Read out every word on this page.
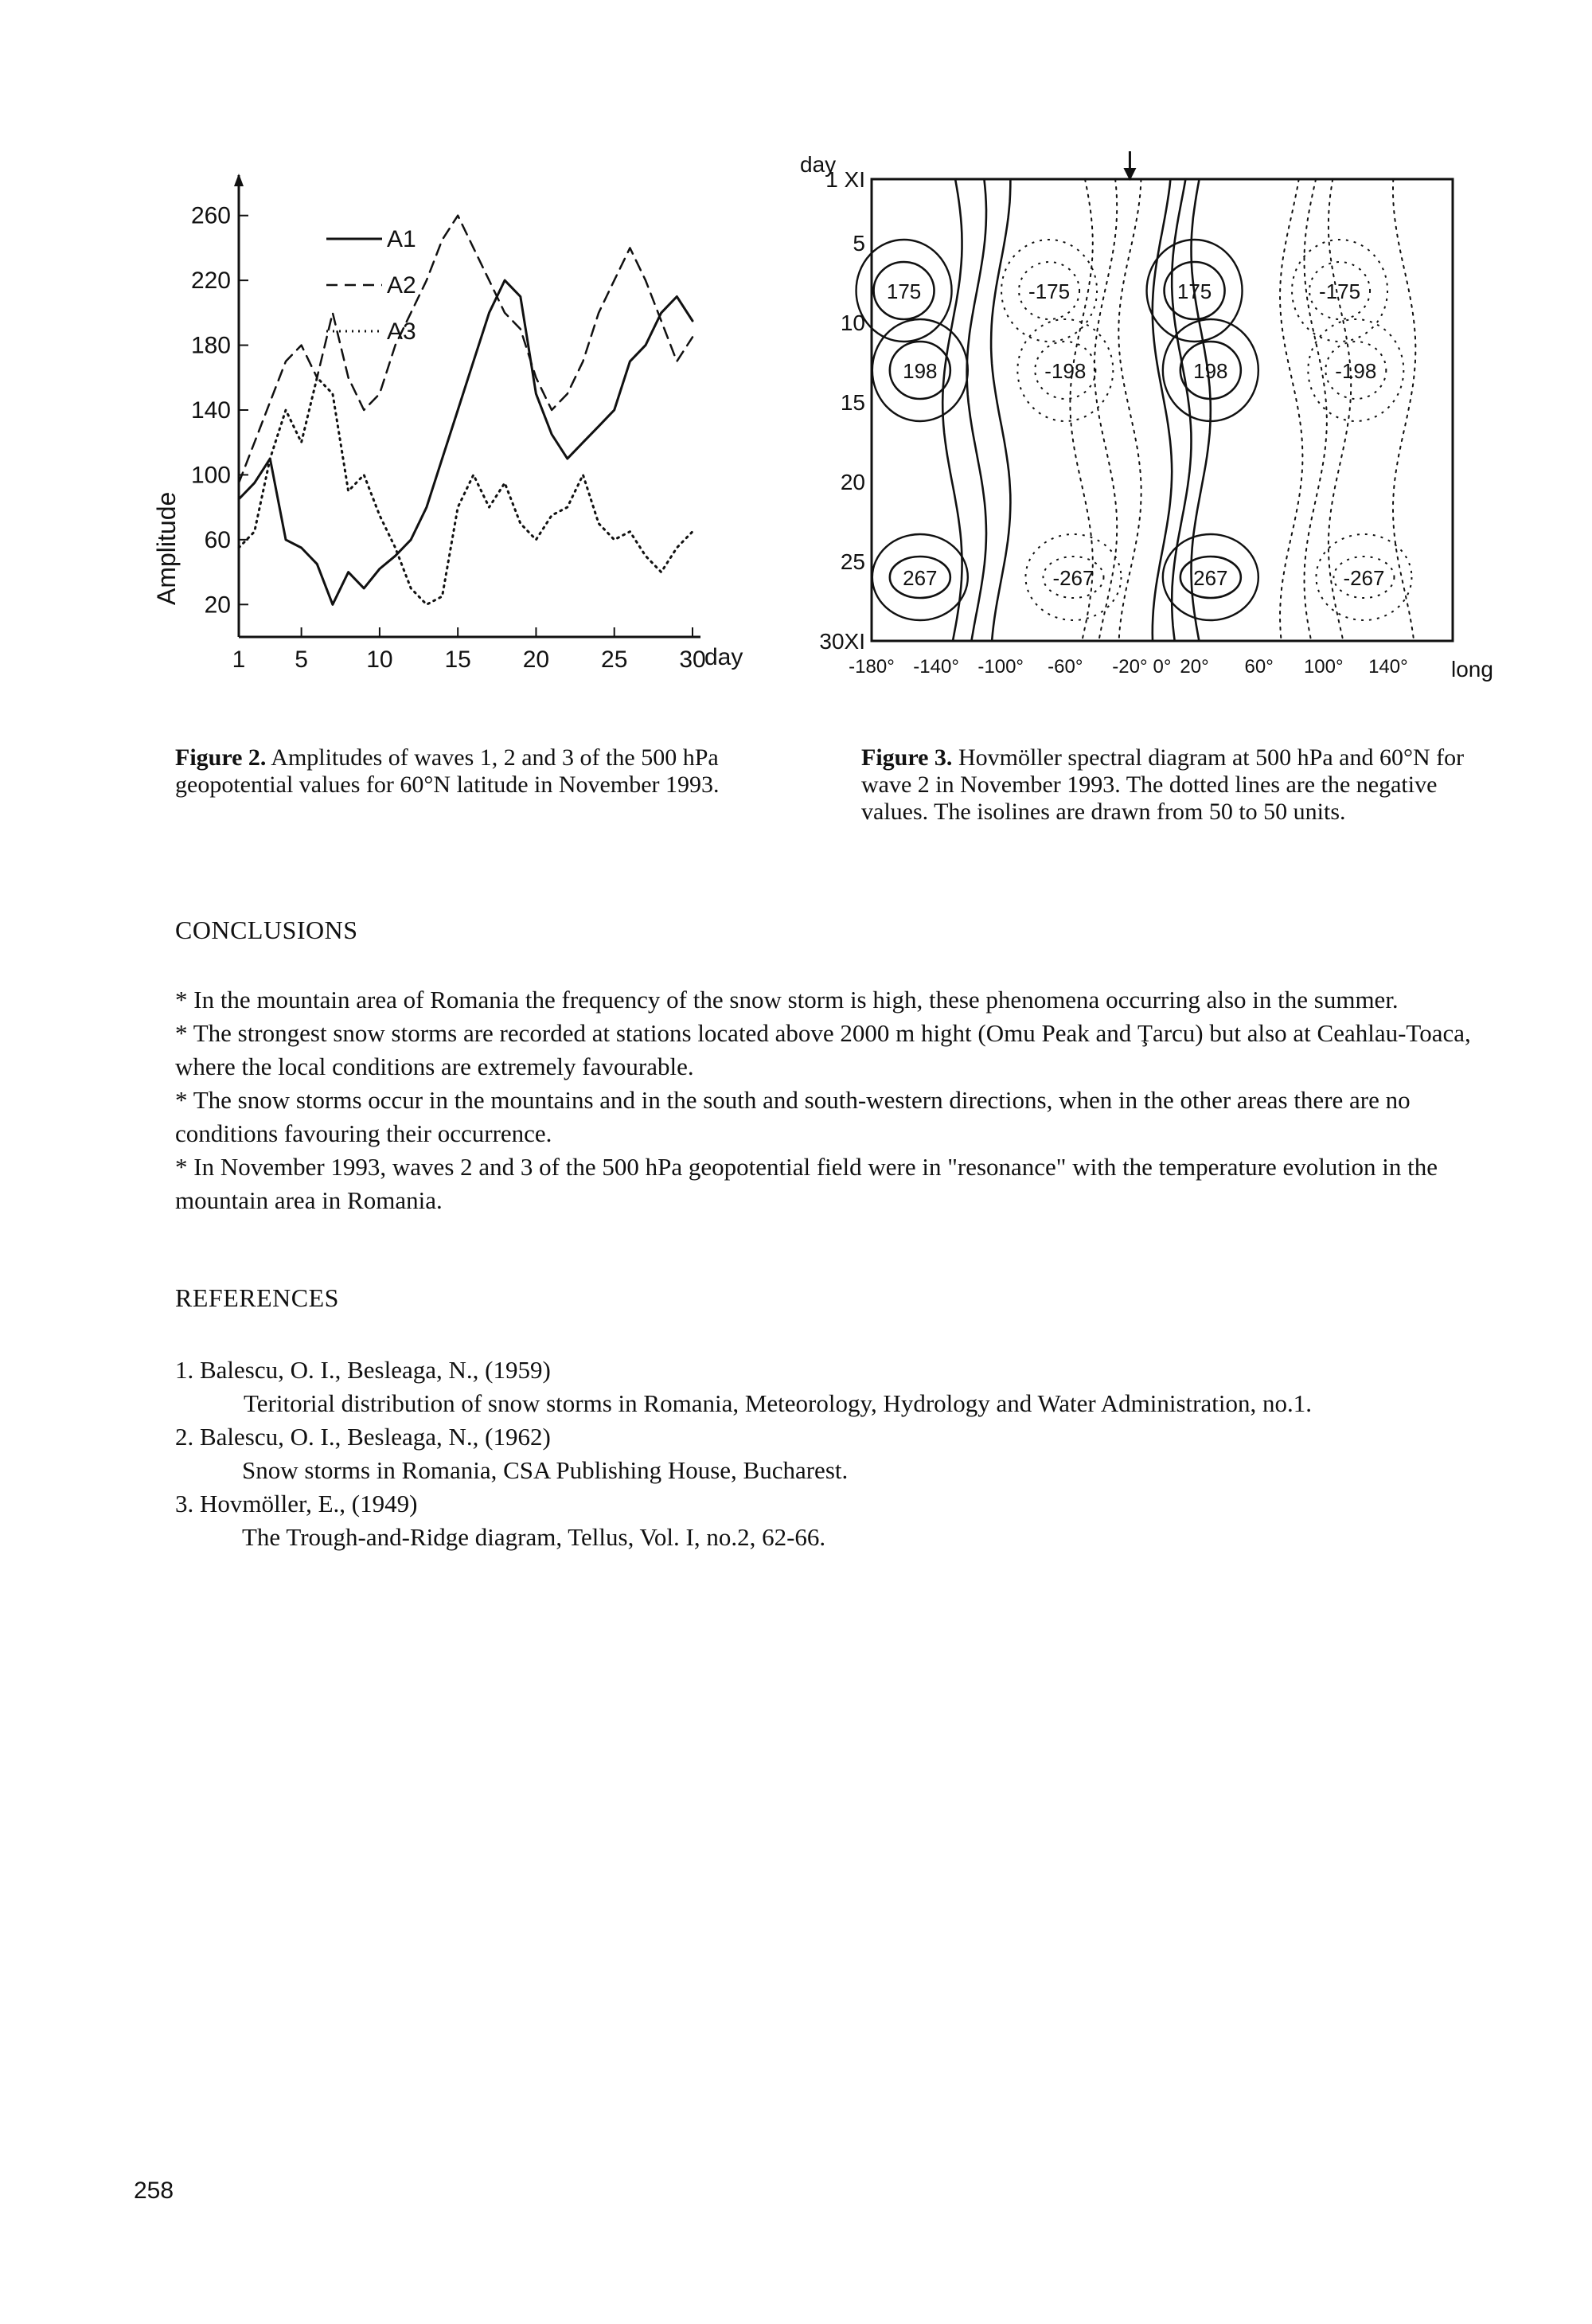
260
220
180
140
100
60
20
1 5 10 15 20 25 30
A1
A2
A3
Amplitude
day
175	-175	175	-175
198	-198	198	-198
267	-267	267	-267
1 XI
5
10
15
20
25
30XI
-180° -140° -100° -60° -20° 0° 20° 60° 100° 140°
day
long
Figure 2. Amplitudes of waves 1, 2 and 3 of the 500 hPa geopotential values for 60°N latitude in November 1993.
Figure 3. Hovmöller spectral diagram at 500 hPa and 60°N for wave 2 in November 1993. The dotted lines are the negative values. The isolines are drawn from 50 to 50 units.
CONCLUSIONS

* In the mountain area of Romania the frequency of the snow storm is high, these phenomena occurring also in the summer.

* The strongest snow storms are recorded at stations located above 2000 m hight (Omu Peak and Ţarcu) but also at Ceahlau-Toaca, where the local conditions are extremely favourable.

* The snow storms occur in the mountains and in the south and south-western directions, when in the other areas there are no conditions favouring their occurrence.

* In November 1993, waves 2 and 3 of the 500 hPa geopotential field were in "resonance" with the temperature evolution in the mountain area in Romania.

REFERENCES

1. Balescu, O. I., Besleaga, N., (1959)

Teritorial distribution of snow storms in Romania, Meteorology, Hydrology and Water Administration, no.1.

2. Balescu, O. I., Besleaga, N., (1962)

Snow storms in Romania, CSA Publishing House, Bucharest.

3. Hovmöller, E., (1949)

The Trough-and-Ridge diagram, Tellus, Vol. I, no.2, 62-66.

258
